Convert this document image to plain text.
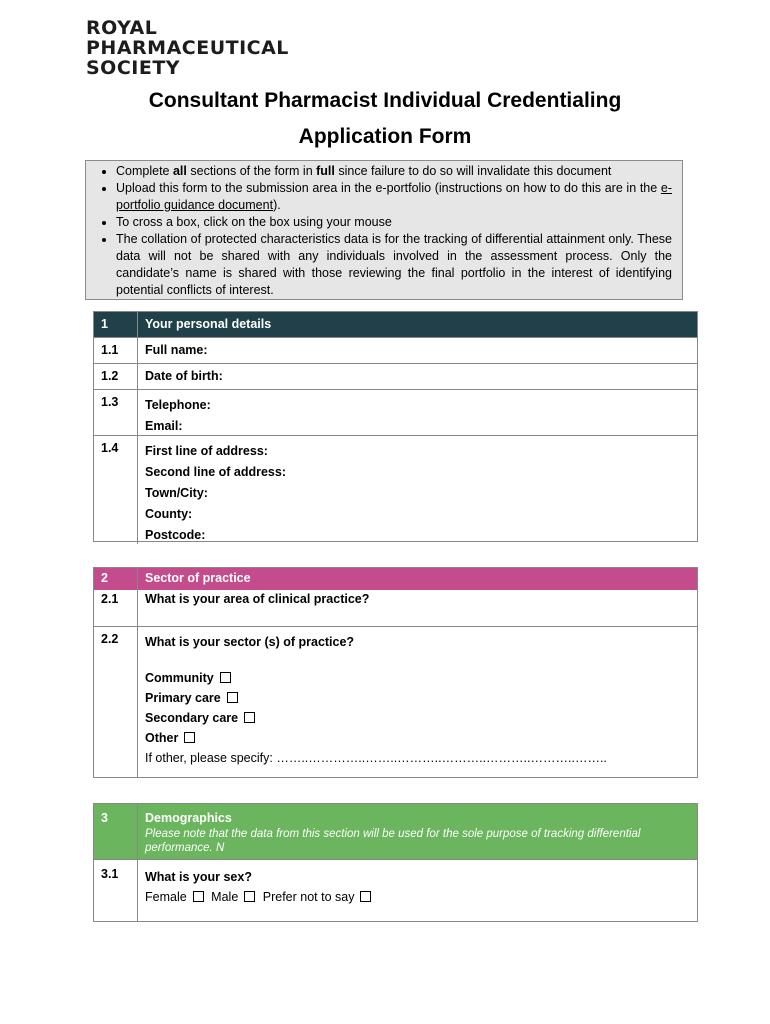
ROYAL
PHARMACEUTICAL
SOCIETY
Consultant Pharmacist Individual Credentialing
Application Form
• Complete all sections of the form in full since failure to do so will invalidate this document
• Upload this form to the submission area in the e-portfolio (instructions on how to do this are in the e-portfolio guidance document).
• To cross a box, click on the box using your mouse
• The collation of protected characteristics data is for the tracking of differential attainment only. These data will not be shared with any individuals involved in the assessment process. Only the candidate’s name is shared with those reviewing the final portfolio in the interest of identifying potential conflicts of interest.
1	Your personal details
1.1	Full name:
1.2	Date of birth:
1.3	Telephone:
Email:
1.4	First line of address:
Second line of address:
Town/City:
County:
Postcode:
2	Sector of practice
2.1	What is your area of clinical practice?
2.2	What is your sector (s) of practice?
Community
Primary care
Secondary care
Other
If other, please specify: ……..…………..……..………..………..………..………..……..
3	Demographics
Please note that the data from this section will be used for the sole purpose of tracking differential performance. N
3.1	What is your sex?
Female Male Prefer not to say
